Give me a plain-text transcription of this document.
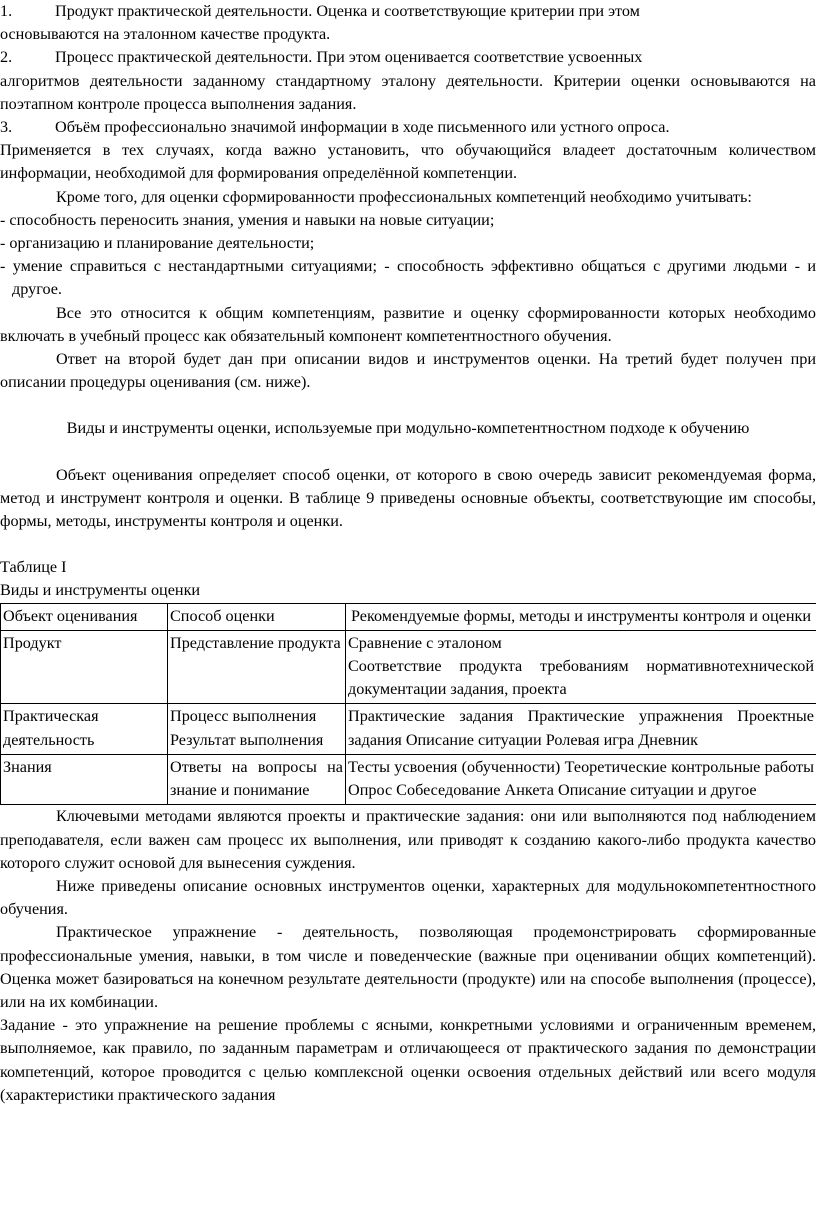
1.	Продукт практической деятельности. Оценка и соответствующие критерии при этом

основываются на эталонном качестве продукта.

2.	Процесс практической деятельности. При этом оценивается соответствие усвоенных

алгоритмов деятельности заданному стандартному эталону деятельности. Критерии оценки основываются на поэтапном контроле процесса выполнения задания.

3.	Объём профессионально значимой информации в ходе письменного или устного опроса.

Применяется в тех случаях, когда важно установить, что обучающийся владеет достаточным количеством информации, необходимой для формирования определённой компетенции.

Кроме того, для оценки сформированности профессиональных компетенций необходимо учитывать:

- способность переносить знания, умения и навыки на новые ситуации;

- организацию и планирование деятельности;

- умение справиться с нестандартными ситуациями; - способность эффективно общаться с другими людьми - и другое.

Все это относится к общим компетенциям, развитие и оценку сформированности которых необходимо включать в учебный процесс как обязательный компонент компетентностного обучения.

Ответ на второй будет дан при описании видов и инструментов оценки. На третий будет получен при описании процедуры оценивания (см. ниже).

Виды и инструменты оценки, используемые при модульно-компетентностном подходе к обучению

Объект оценивания определяет способ оценки, от которого в свою очередь зависит рекомендуемая форма, метод и инструмент контроля и оценки. В таблице 9 приведены основные объекты, соответствующие им способы, формы, методы, инструменты контроля и оценки.

Таблице I

Виды и инструменты оценки

Объект оценивания	Способ оценки	Рекомендуемые формы, методы и инструменты контроля и оценки
Продукт	Представление продукта	Сравнение с эталоном
Соответствие продукта требованиям нормативнотехнической документации задания, проекта

Практическая деятельность	Процесс выполнения Результат выполнения	Практические задания Практические упражнения Проектные задания Описание ситуации Ролевая игра Дневник
Знания	Ответы на вопросы на знание и понимание	Тесты усвоения (обученности) Теоретические контрольные работы Опрос Собеседование Анкета Описание ситуации и другое

Ключевыми методами являются проекты и практические задания: они или выполняются под наблюдением преподавателя, если важен сам процесс их выполнения, или приводят к созданию какого-либо продукта качество которого служит основой для вынесения суждения.

Ниже приведены описание основных инструментов оценки, характерных для модульнокомпетентностного обучения.

Практическое упражнение - деятельность, позволяющая продемонстрировать сформированные профессиональные умения, навыки, в том числе и поведенческие (важные при оценивании общих компетенций). Оценка может базироваться на конечном результате деятельности (продукте) или на способе выполнения (процессе), или на их комбинации.

Задание - это упражнение на решение проблемы с ясными, конкретными условиями и ограниченным временем, выполняемое, как правило, по заданным параметрам и отличающееся от практического задания по демонстрации компетенций, которое проводится с целью комплексной оценки освоения отдельных действий или всего модуля (характеристики практического задания
